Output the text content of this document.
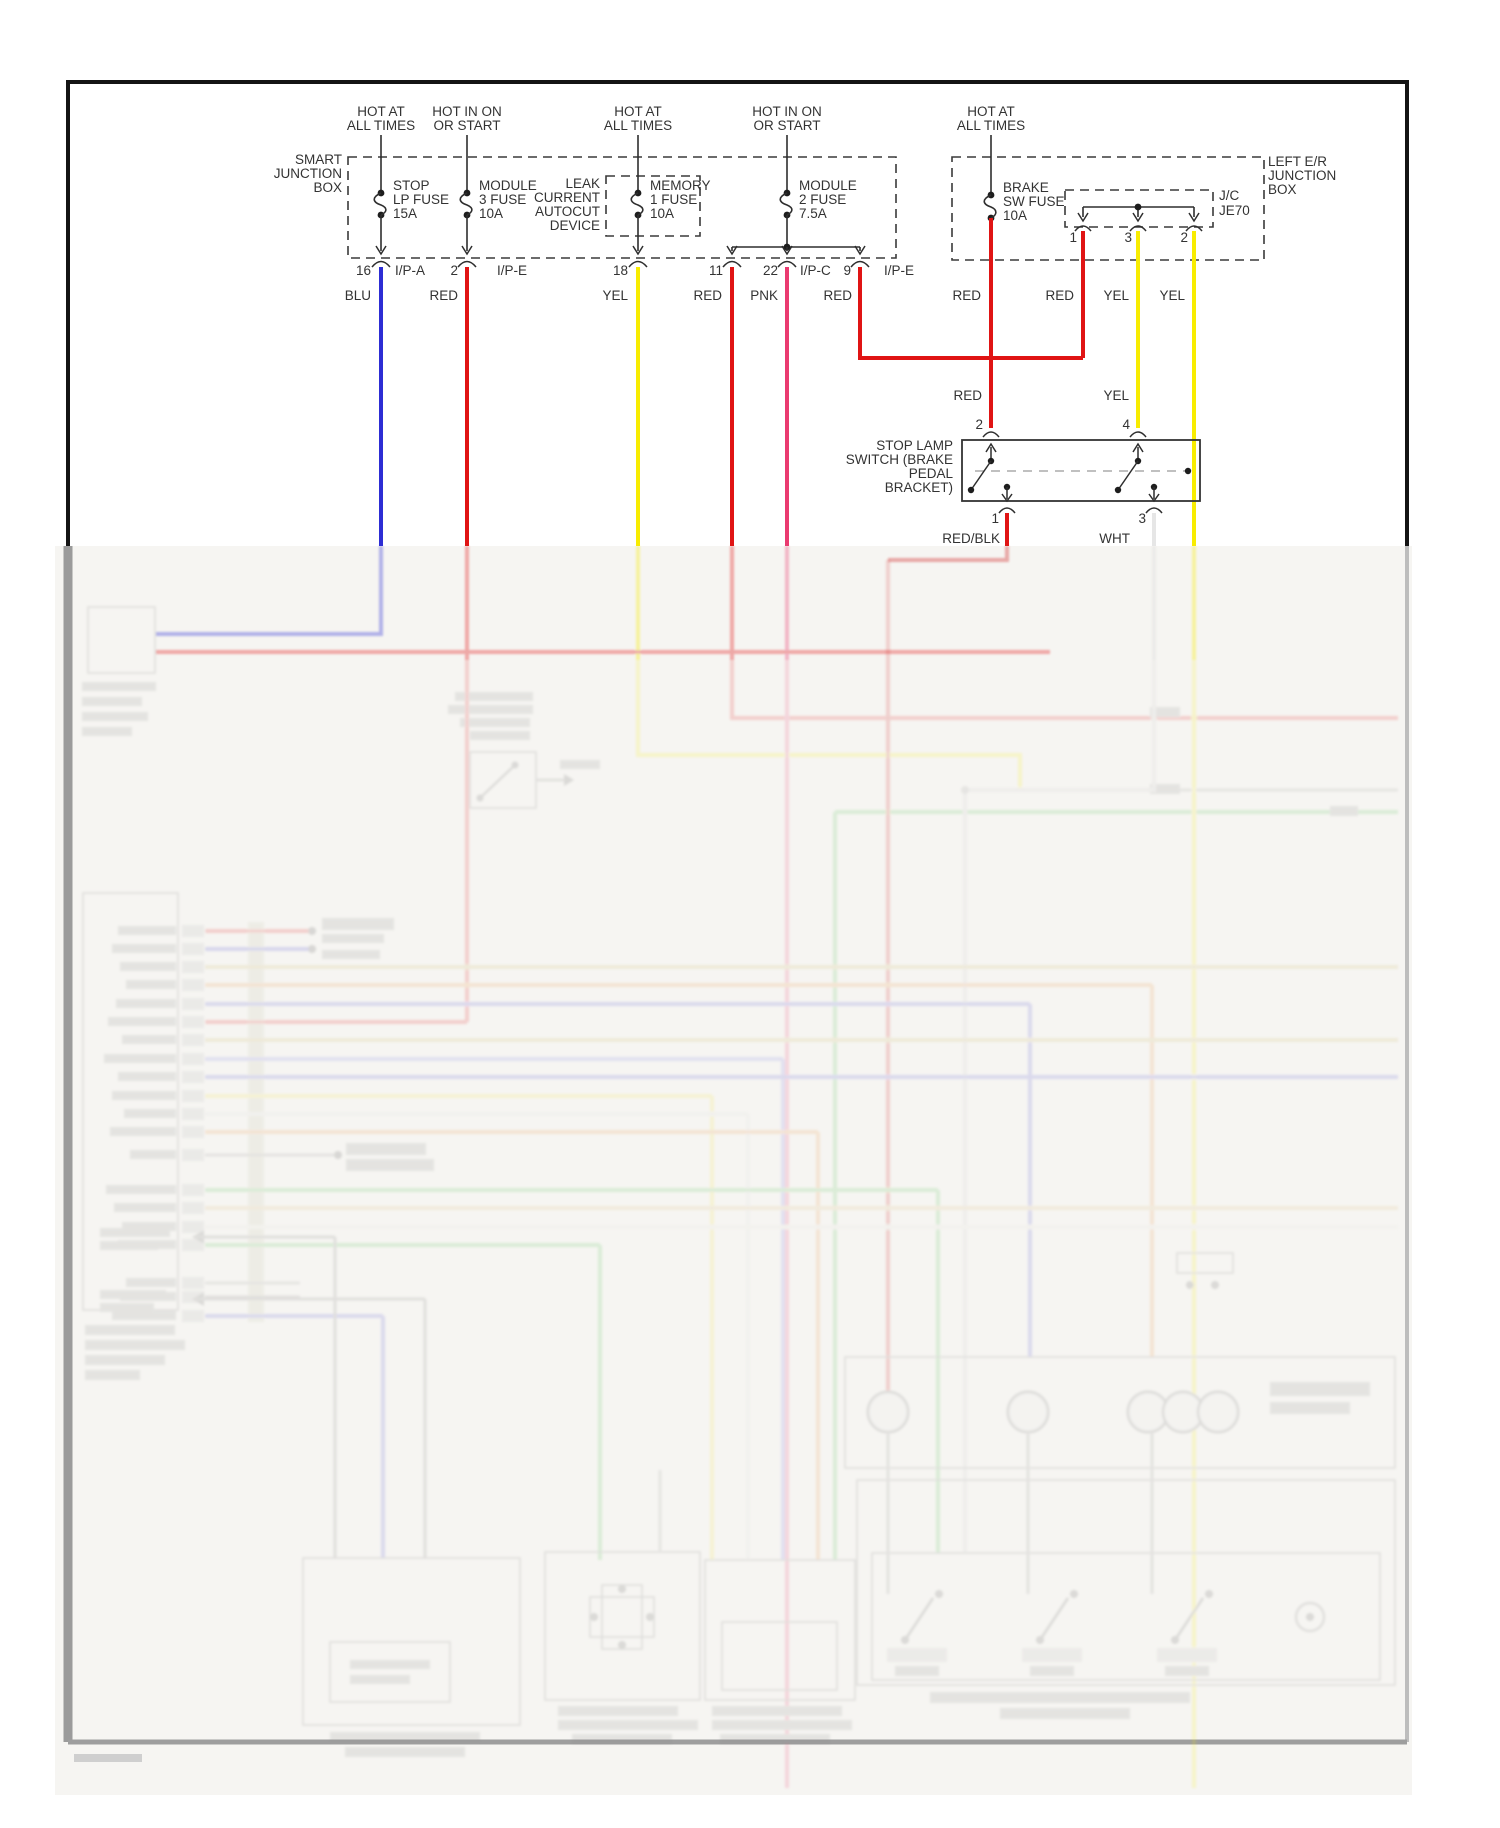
SMART
JUNCTION
BOX	LEAK
CURRENT
AUTOCUT
DEVICE
LEFT E/R
JUNCTION
BOX
J/C
JE70
HOT AT
ALL TIMES
STOP
LP FUSE
15A
16 I/P-A
BLU
HOT IN ON
OR START
MODULE
3 FUSE
10A
2	I/P-E
RED
HOT AT
ALL TIMES
MEMORY
1 FUSE
10A
18
YEL
HOT IN ON
OR START
MODULE
2 FUSE
7.5A
11	22 I/P-C 9 I/P-E
RED PNK	RED
HOT AT
ALL TIMES
BRAKE
SW FUSE
10A
RED
1	3	2
RED YEL YEL
RED	YEL
2	4
STOP LAMP
SWITCH (BRAKE
PEDAL
BRACKET)
1	3
RED/BLK	WHT
